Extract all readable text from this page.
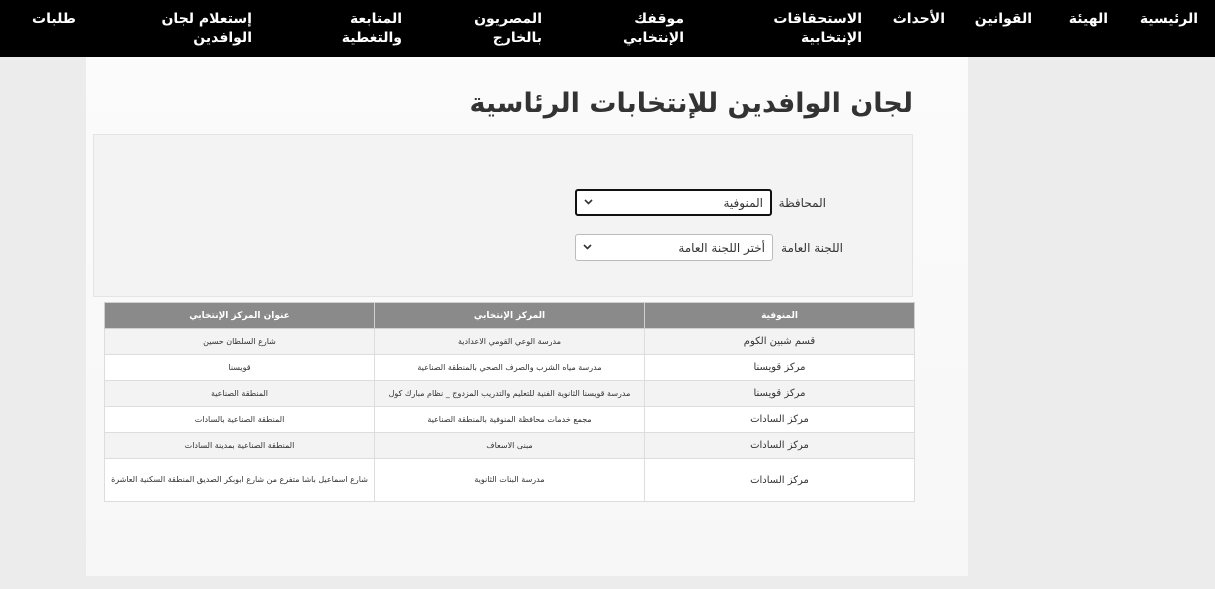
الرئيسية
الهيئة
القوانين
الأحداث
الاستحقاقات
الإنتخابية
موقفك
الإنتخابي
المصريون
بالخارج
المتابعة
والتغطية
إستعلام لجان
الوافدين
طلبات
لجان الوافدين للإنتخابات الرئاسية
المحافظة
المنوفية
اللجنة العامة
أختر اللجنة العامة
المنوفية	المركز الإنتخابي	عنوان المركز الإنتخابي
قسم شبين الكوم	مدرسة الوعي القومي الاعدادية	شارع السلطان حسين
مركز قويسنا	مدرسة مياه الشرب والصرف الصحي بالمنطقة الصناعية	قويسنا
مركز قويسنا	مدرسة قويسنا الثانوية الفنية للتعليم والتدريب المزدوج _ نظام مبارك كول	المنطقة الصناعية
مركز السادات	مجمع خدمات محافظة المنوفية بالمنطقة الصناعية	المنطقة الصناعية بالسادات
مركز السادات	مبنى الاسعاف	المنطقة الصناعية بمدينة السادات
مركز السادات	مدرسة البنات الثانوية	شارع اسماعيل باشا متفرع من شارع ابوبكر الصديق المنطقة السكنية العاشرة
